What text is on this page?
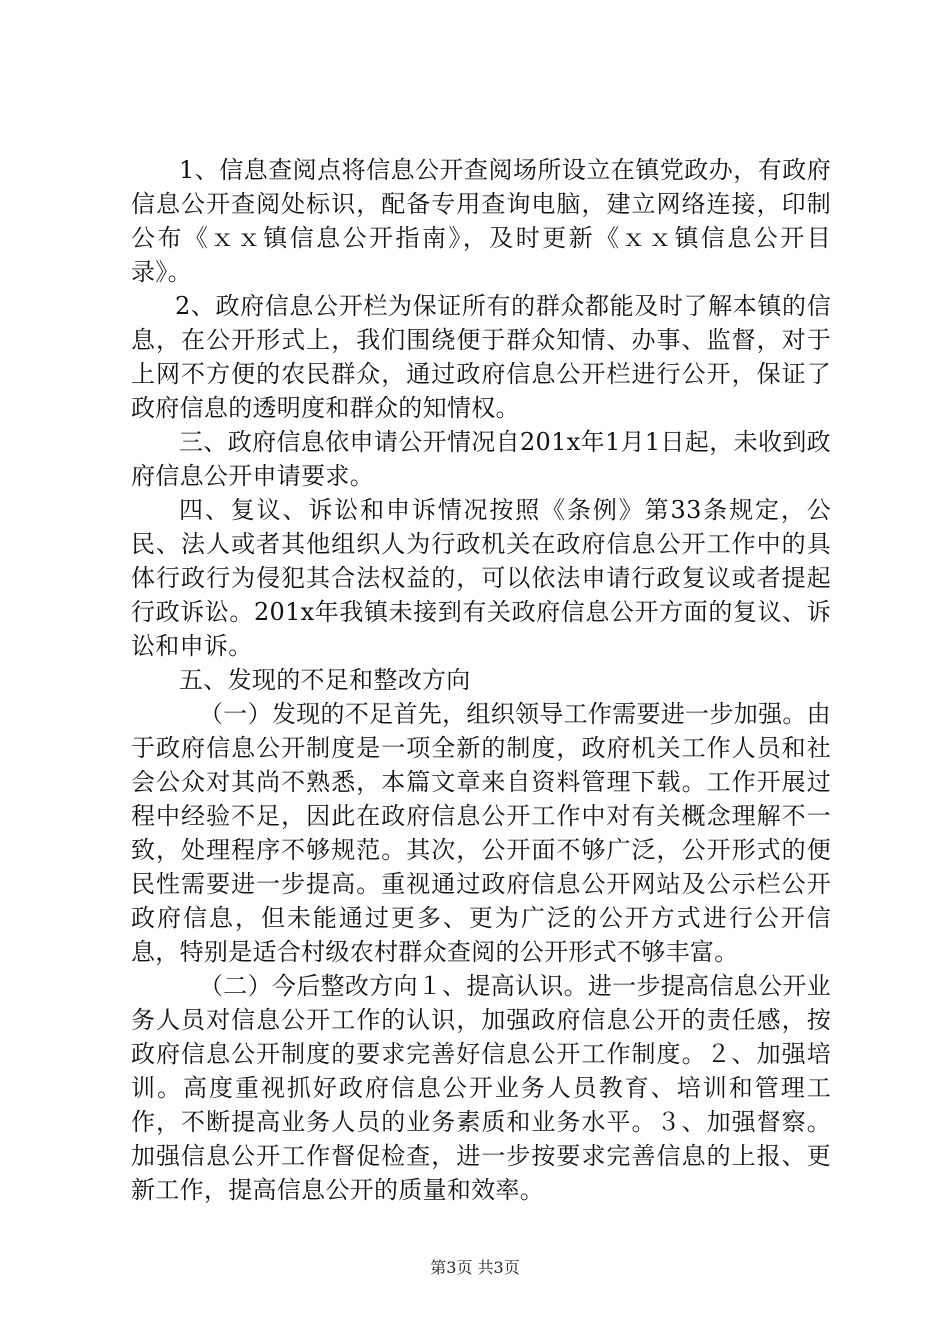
1、信息查阅点将信息公开查阅场所设立在镇党政办，有政府信息公开查阅处标识，配备专用查询电脑，建立网络连接，印制公布《ｘｘ镇信息公开指南》，及时更新《ｘｘ镇信息公开目录》。

2、政府信息公开栏为保证所有的群众都能及时了解本镇的信息，在公开形式上，我们围绕便于群众知情、办事、监督，对于上网不方便的农民群众，通过政府信息公开栏进行公开，保证了政府信息的透明度和群众的知情权。

三、政府信息依申请公开情况自201x年1月1日起，未收到政府信息公开申请要求。

四、复议、诉讼和申诉情况按照《条例》第33条规定，公民、法人或者其他组织人为行政机关在政府信息公开工作中的具体行政行为侵犯其合法权益的，可以依法申请行政复议或者提起行政诉讼。201x年我镇未接到有关政府信息公开方面的复议、诉讼和申诉。

五、发现的不足和整改方向

（一）发现的不足首先，组织领导工作需要进一步加强。由于政府信息公开制度是一项全新的制度，政府机关工作人员和社会公众对其尚不熟悉，本篇文章来自资料管理下载。工作开展过程中经验不足，因此在政府信息公开工作中对有关概念理解不一致，处理程序不够规范。其次，公开面不够广泛，公开形式的便民性需要进一步提高。重视通过政府信息公开网站及公示栏公开政府信息，但未能通过更多、更为广泛的公开方式进行公开信息，特别是适合村级农村群众查阅的公开形式不够丰富。

（二）今后整改方向１、提高认识。进一步提高信息公开业务人员对信息公开工作的认识，加强政府信息公开的责任感，按政府信息公开制度的要求完善好信息公开工作制度。２、加强培训。高度重视抓好政府信息公开业务人员教育、培训和管理工作，不断提高业务人员的业务素质和业务水平。３、加强督察。加强信息公开工作督促检查，进一步按要求完善信息的上报、更新工作，提高信息公开的质量和效率。

第3页 共3页
